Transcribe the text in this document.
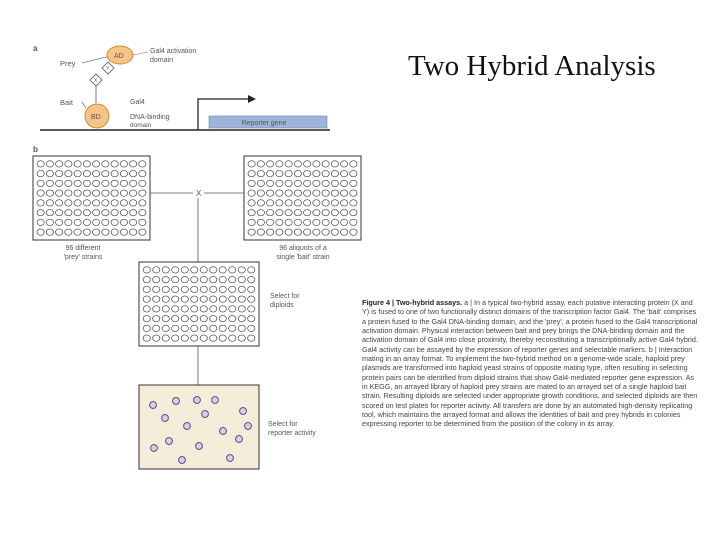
Two Hybrid Analysis
a
Prey
Bait
AD
Y
X
BD
Gal4 activation
domain
Gal4
DNA-binding
domain	Reporter gene
b
X
96 different
'prey' strains
96 aliquots of a
single 'bait' strain
Select for
diploids
Select for
reporter activity

Figure 4 | Two-hybrid assays. a | In a typical two-hybrid assay, each putative interacting protein (X and Y) is fused to one of two functionally distinct domains of the transcription factor Gal4. The 'bait' comprises a protein fused to the Gal4 DNA-binding domain, and the 'prey', a protein fused to the Gal4 transcriptional activation domain. Physical interaction between bait and prey brings the DNA-binding domain and the activation domain of Gal4 into close proximity, thereby reconstituting a transcriptionally active Gal4 hybrid. Gal4 activity can be assayed by the expression of reporter genes and selectable markers. b | Interaction mating in an array format. To implement the two-hybrid method on a genome-wide scale, haploid prey plasmids are transformed into haploid yeast strains of opposite mating type, often resulting in selecting protein pairs can be identified from diploid strains that show Gal4-mediated reporter gene expression. As in KEGG, an arrayed library of haploid prey strains are mated to an arrayed set of a single haploid bait strain. Resulting diploids are selected under appropriate growth conditions, and selected diploids are then scored on test plates for reporter activity. All transfers are done by an automated high-density replicating tool, which maintains the arrayed format and allows the identities of bait and prey hybrids in colonies expressing reporter to be determined from the position of the colony in its array.
